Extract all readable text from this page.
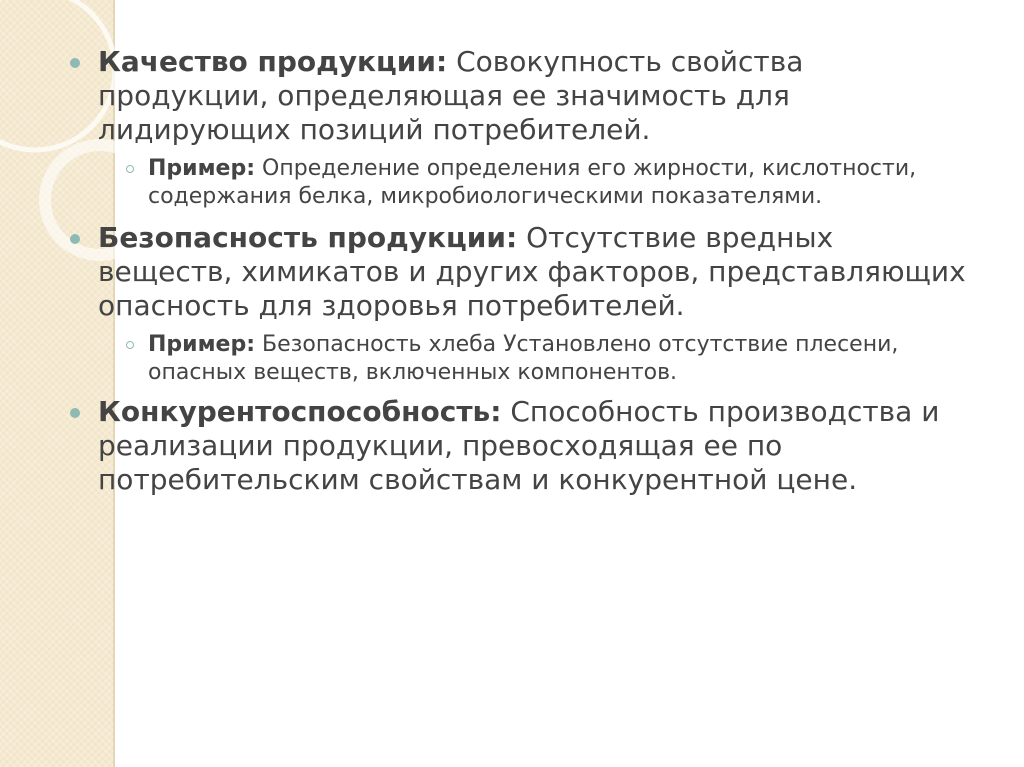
Качество продукции: Совокупность свойства продукции, определяющая ее значимость для лидирующих позиций потребителей.
Пример: Определение определения его жирности, кислотности, содержания белка, микробиологическими показателями.
Безопасность продукции: Отсутствие вредных веществ, химикатов и других факторов, представляющих опасность для здоровья потребителей.
Пример: Безопасность хлеба Установлено отсутствие плесени, опасных веществ, включенных компонентов.
Конкурентоспособность: Способность производства и реализации продукции, превосходящая ее по потребительским свойствам и конкурентной цене.
